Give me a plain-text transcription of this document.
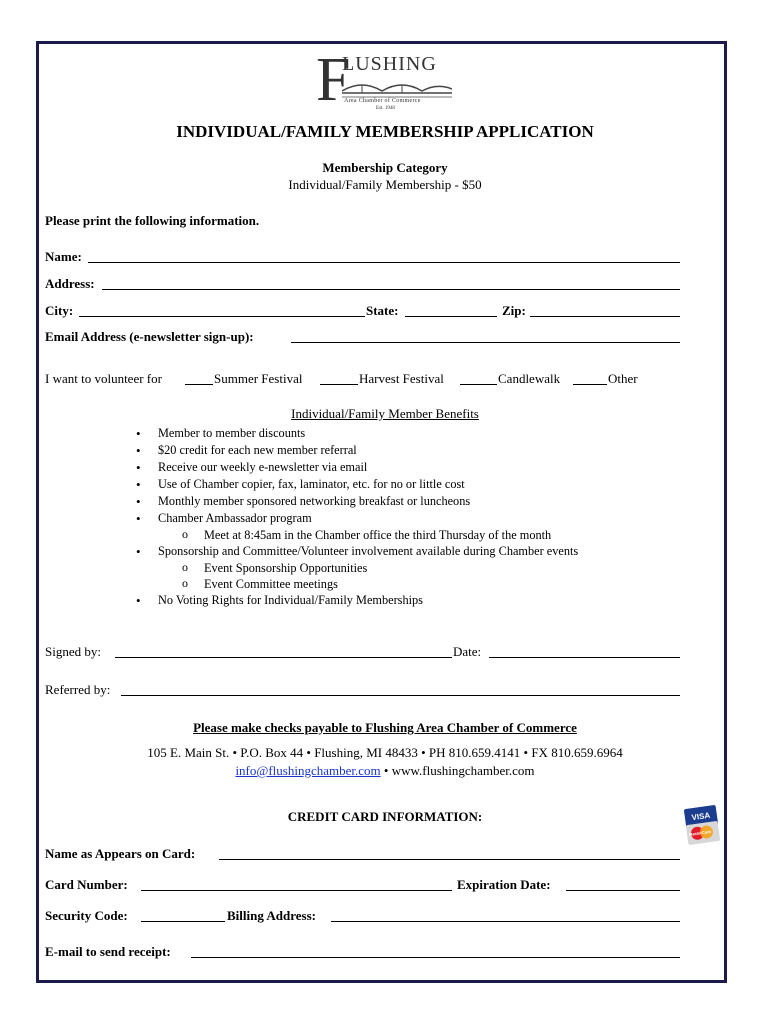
F
LUSHING
Area Chamber of Commerce
Est. 1948
INDIVIDUAL/FAMILY MEMBERSHIP APPLICATION
Membership Category
Individual/Family Membership - $50
Please print the following information.
Name:
Address:
City:	State:	Zip:
Email Address (e-newsletter sign-up):
I want to volunteer for	Summer Festival	Harvest Festival	Candlewalk	Other
Individual/Family Member Benefits
• Member to member discounts
• $20 credit for each new member referral
• Receive our weekly e-newsletter via email
• Use of Chamber copier, fax, laminator, etc. for no or little cost
• Monthly member sponsored networking breakfast or luncheons
• Chamber Ambassador program
o Meet at 8:45am in the Chamber office the third Thursday of the month
• Sponsorship and Committee/Volunteer involvement available during Chamber events
o Event Sponsorship Opportunities
o Event Committee meetings
• No Voting Rights for Individual/Family Memberships
Signed by:	Date:
Referred by:
Please make checks payable to Flushing Area Chamber of Commerce
105 E. Main St. • P.O. Box 44 • Flushing, MI 48433 • PH 810.659.4141 • FX 810.659.6964
info@flushingchamber.com • www.flushingchamber.com
CREDIT CARD INFORMATION:	VISA
MasterCard
Name as Appears on Card:
Card Number:	Expiration Date:
Security Code:	Billing Address:
E-mail to send receipt:
